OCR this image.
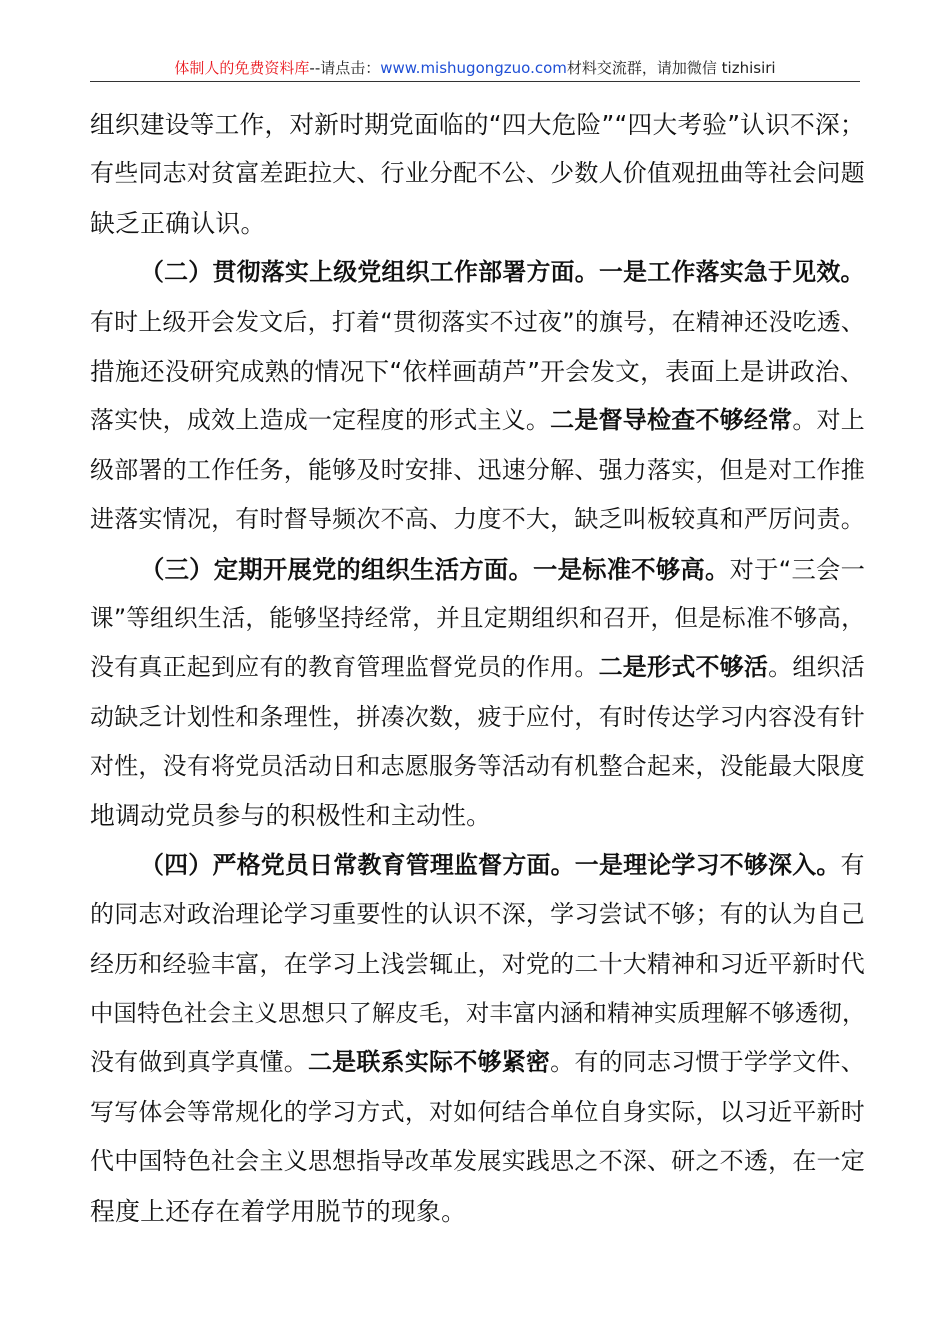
体制人的免费资料库--请点击：www.mishugongzuo.com材料交流群，请加微信 tizhisiri
组织建设等工作，对新时期党面临的“四大危险”“四大考验”认识不深；
有些同志对贫富差距拉大、行业分配不公、少数人价值观扭曲等社会问题
缺乏正确认识。
（二）贯彻落实上级党组织工作部署方面。一是工作落实急于见效。
有时上级开会发文后，打着“贯彻落实不过夜”的旗号，在精神还没吃透、
措施还没研究成熟的情况下“依样画葫芦”开会发文，表面上是讲政治、
落实快，成效上造成一定程度的形式主义。二是督导检查不够经常。对上
级部署的工作任务，能够及时安排、迅速分解、强力落实，但是对工作推
进落实情况，有时督导频次不高、力度不大，缺乏叫板较真和严厉问责。
（三）定期开展党的组织生活方面。一是标准不够高。对于“三会一
课”等组织生活，能够坚持经常，并且定期组织和召开，但是标准不够高，
没有真正起到应有的教育管理监督党员的作用。二是形式不够活。组织活
动缺乏计划性和条理性，拼凑次数，疲于应付，有时传达学习内容没有针
对性，没有将党员活动日和志愿服务等活动有机整合起来，没能最大限度
地调动党员参与的积极性和主动性。
（四）严格党员日常教育管理监督方面。一是理论学习不够深入。有
的同志对政治理论学习重要性的认识不深，学习尝试不够；有的认为自己
经历和经验丰富，在学习上浅尝辄止，对党的二十大精神和习近平新时代
中国特色社会主义思想只了解皮毛，对丰富内涵和精神实质理解不够透彻，
没有做到真学真懂。二是联系实际不够紧密。有的同志习惯于学学文件、
写写体会等常规化的学习方式，对如何结合单位自身实际，以习近平新时
代中国特色社会主义思想指导改革发展实践思之不深、研之不透，在一定
程度上还存在着学用脱节的现象。
